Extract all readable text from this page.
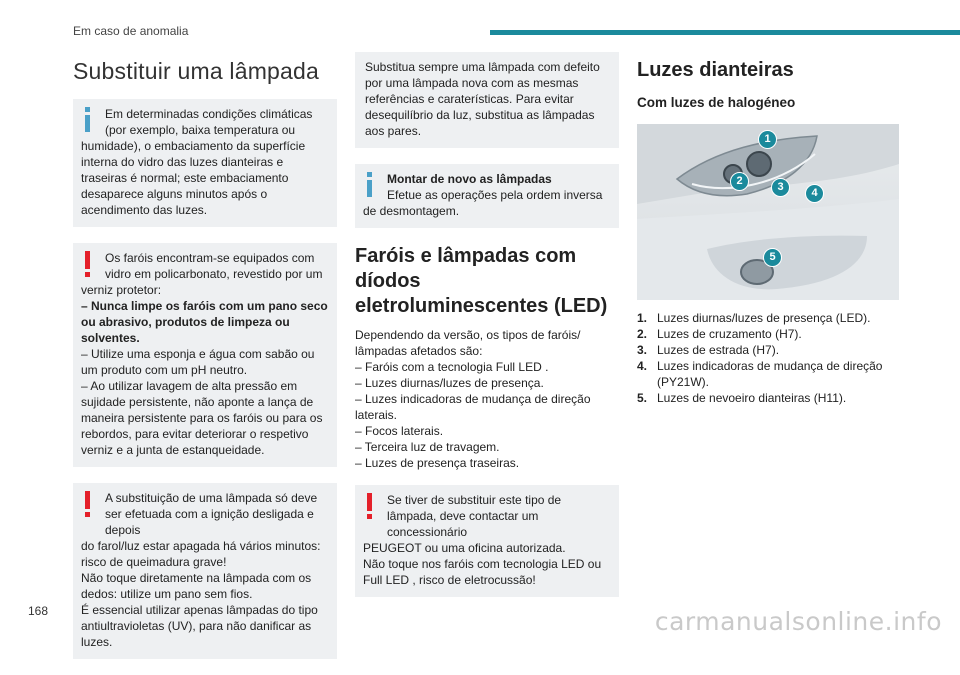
Em caso de anomalia
Substituir uma lâmpada
Em determinadas condições climáticas (por exemplo, baixa temperatura ou
humidade), o embaciamento da superfície interna do vidro das luzes dianteiras e traseiras é normal; este embaciamento desaparece alguns minutos após o acendimento das luzes.
Os faróis encontram-se equipados com vidro em policarbonato, revestido por um
verniz protetor:
– Nunca limpe os faróis com um pano seco ou abrasivo, produtos de limpeza ou solventes.
– Utilize uma esponja e água com sabão ou um produto com um pH neutro.
– Ao utilizar lavagem de alta pressão em sujidade persistente, não aponte a lança de maneira persistente para os faróis ou para os rebordos, para evitar deteriorar o respetivo verniz e a junta de estanqueidade.
A substituição de uma lâmpada só deve ser efetuada com a ignição desligada e depois
do farol/luz estar apagada há vários minutos: risco de queimadura grave!
Não toque diretamente na lâmpada com os dedos: utilize um pano sem fios.
É essencial utilizar apenas lâmpadas do tipo antiultravioletas (UV), para não danificar as luzes.
Substitua sempre uma lâmpada com defeito por uma lâmpada nova com as mesmas referências e caraterísticas. Para evitar desequilíbrio da luz, substitua as lâmpadas aos pares.
Montar de novo as lâmpadas
Efetue as operações pela ordem inversa
de desmontagem.
Faróis e lâmpadas com díodos eletroluminescentes (LED)

Dependendo da versão, os tipos de faróis/ lâmpadas afetados são:

– Faróis com a tecnologia Full LED .

– Luzes diurnas/luzes de presença.

– Luzes indicadoras de mudança de direção laterais.

– Focos laterais.

– Terceira luz de travagem.

– Luzes de presença traseiras.

Se tiver de substituir este tipo de lâmpada, deve contactar um concessionário
PEUGEOT ou uma oficina autorizada.
Não toque nos faróis com tecnologia LED ou Full LED , risco de eletrocussão!
Luzes dianteiras
Com luzes de halogéneo
1
2	3	4
5
1. Luzes diurnas/luzes de presença (LED).
2. Luzes de cruzamento (H7).
3. Luzes de estrada (H7).
4. Luzes indicadoras de mudança de direção (PY21W).
5. Luzes de nevoeiro dianteiras (H11).
168	carmanualsonline.info
